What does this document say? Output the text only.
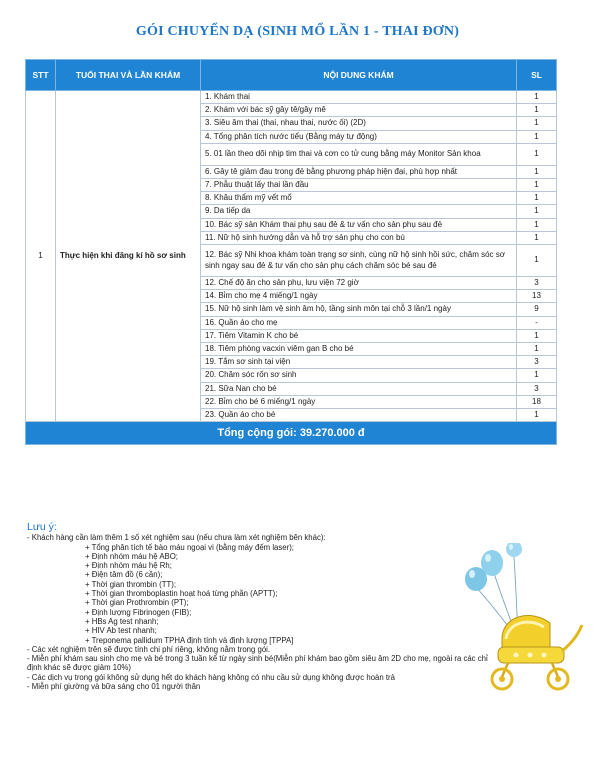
GÓI CHUYỂN DẠ (SINH MỔ LẦN 1 - THAI ĐƠN)
STT	TUỔI THAI VÀ LẦN KHÁM	NỘI DUNG KHÁM	SL
1	Thực hiện khi đăng kí hồ sơ sinh	1. Khám thai	1
		2. Khám với bác sỹ gây tê/gây mê	1
		3. Siêu âm thai (thai, nhau thai, nước ối) (2D)	1
		4. Tổng phân tích nước tiểu (Bằng máy tự động)	1
		5. 01 lần theo dõi nhịp tim thai và cơn co tử cung bằng máy Monitor Sản khoa	1
		6. Gây tê giảm đau trong đẻ bằng phương pháp hiện đại, phù hợp nhất	1
		7. Phẫu thuật lấy thai lần đầu	1
		8. Khâu thẩm mỹ vết mổ	1
		9. Da tiếp da	1
		10. Bác sỹ sản Khám thai phụ sau đẻ & tư vấn cho sản phụ sau đẻ	1
		11. Nữ hộ sinh hướng dẫn và hỗ trợ sản phụ cho con bú	1
		12. Bác sỹ Nhi khoa khám toàn trạng sơ sinh, cùng nữ hộ sinh hồi sức, chăm sóc sơ sinh ngay sau đẻ & tư vấn cho sản phụ cách chăm sóc bé sau đẻ	1
		12. Chế độ ăn cho sản phụ, lưu viện 72 giờ	3
		14. Bỉm cho mẹ 4 miếng/1 ngày	13
		15. Nữ hộ sinh làm vệ sinh âm hộ, tầng sinh môn tại chỗ 3 lần/1 ngày	9
		16. Quần áo cho mẹ	-
		17. Tiêm Vitamin K cho bé	1
		18. Tiêm phòng vacxin viêm gan B cho bé	1
		19. Tắm sơ sinh tại viện	3
		20. Chăm sóc rốn sơ sinh	1
		21. Sữa Nan cho bé	3
		22. Bỉm cho bé 6 miếng/1 ngày	18
		23. Quần áo cho bé	1
Tổng cộng gói: 39.270.000 đ			
Lưu ý:
- Khách hàng cần làm thêm 1 số xét nghiệm sau (nếu chưa làm xét nghiệm bên khác):
+ Tổng phân tích tế bào máu ngoại vi (bằng máy đếm laser);
+ Định nhóm máu hệ ABO;
+ Định nhóm máu hệ Rh;
+ Điện tâm đồ (6 cần);
+ Thời gian thrombin (TT);
+ Thời gian thromboplastin hoạt hoá từng phần (APTT);
+ Thời gian Prothrombin (PT);
+ Định lượng Fibrinogen (FIB);
+ HBs Ag test nhanh;
+ HIV Ab test nhanh;
+ Treponema pallidum TPHA định tính và định lượng [TPPA]
- Các xét nghiệm trên sẽ được tính chi phí riêng, không nằm trong gói.
- Miễn phí khám sau sinh cho mẹ và bé trong 3 tuần kể từ ngày sinh bé(Miễn phí khám bao gồm siêu âm 2D cho mẹ, ngoài ra các chỉ định khác sẽ được giảm 10%)
- Các dịch vụ trong gói không sử dụng hết do khách hàng không có nhu cầu sử dụng không được hoàn trả
- Miễn phí giường và bữa sáng cho 01 người thân
